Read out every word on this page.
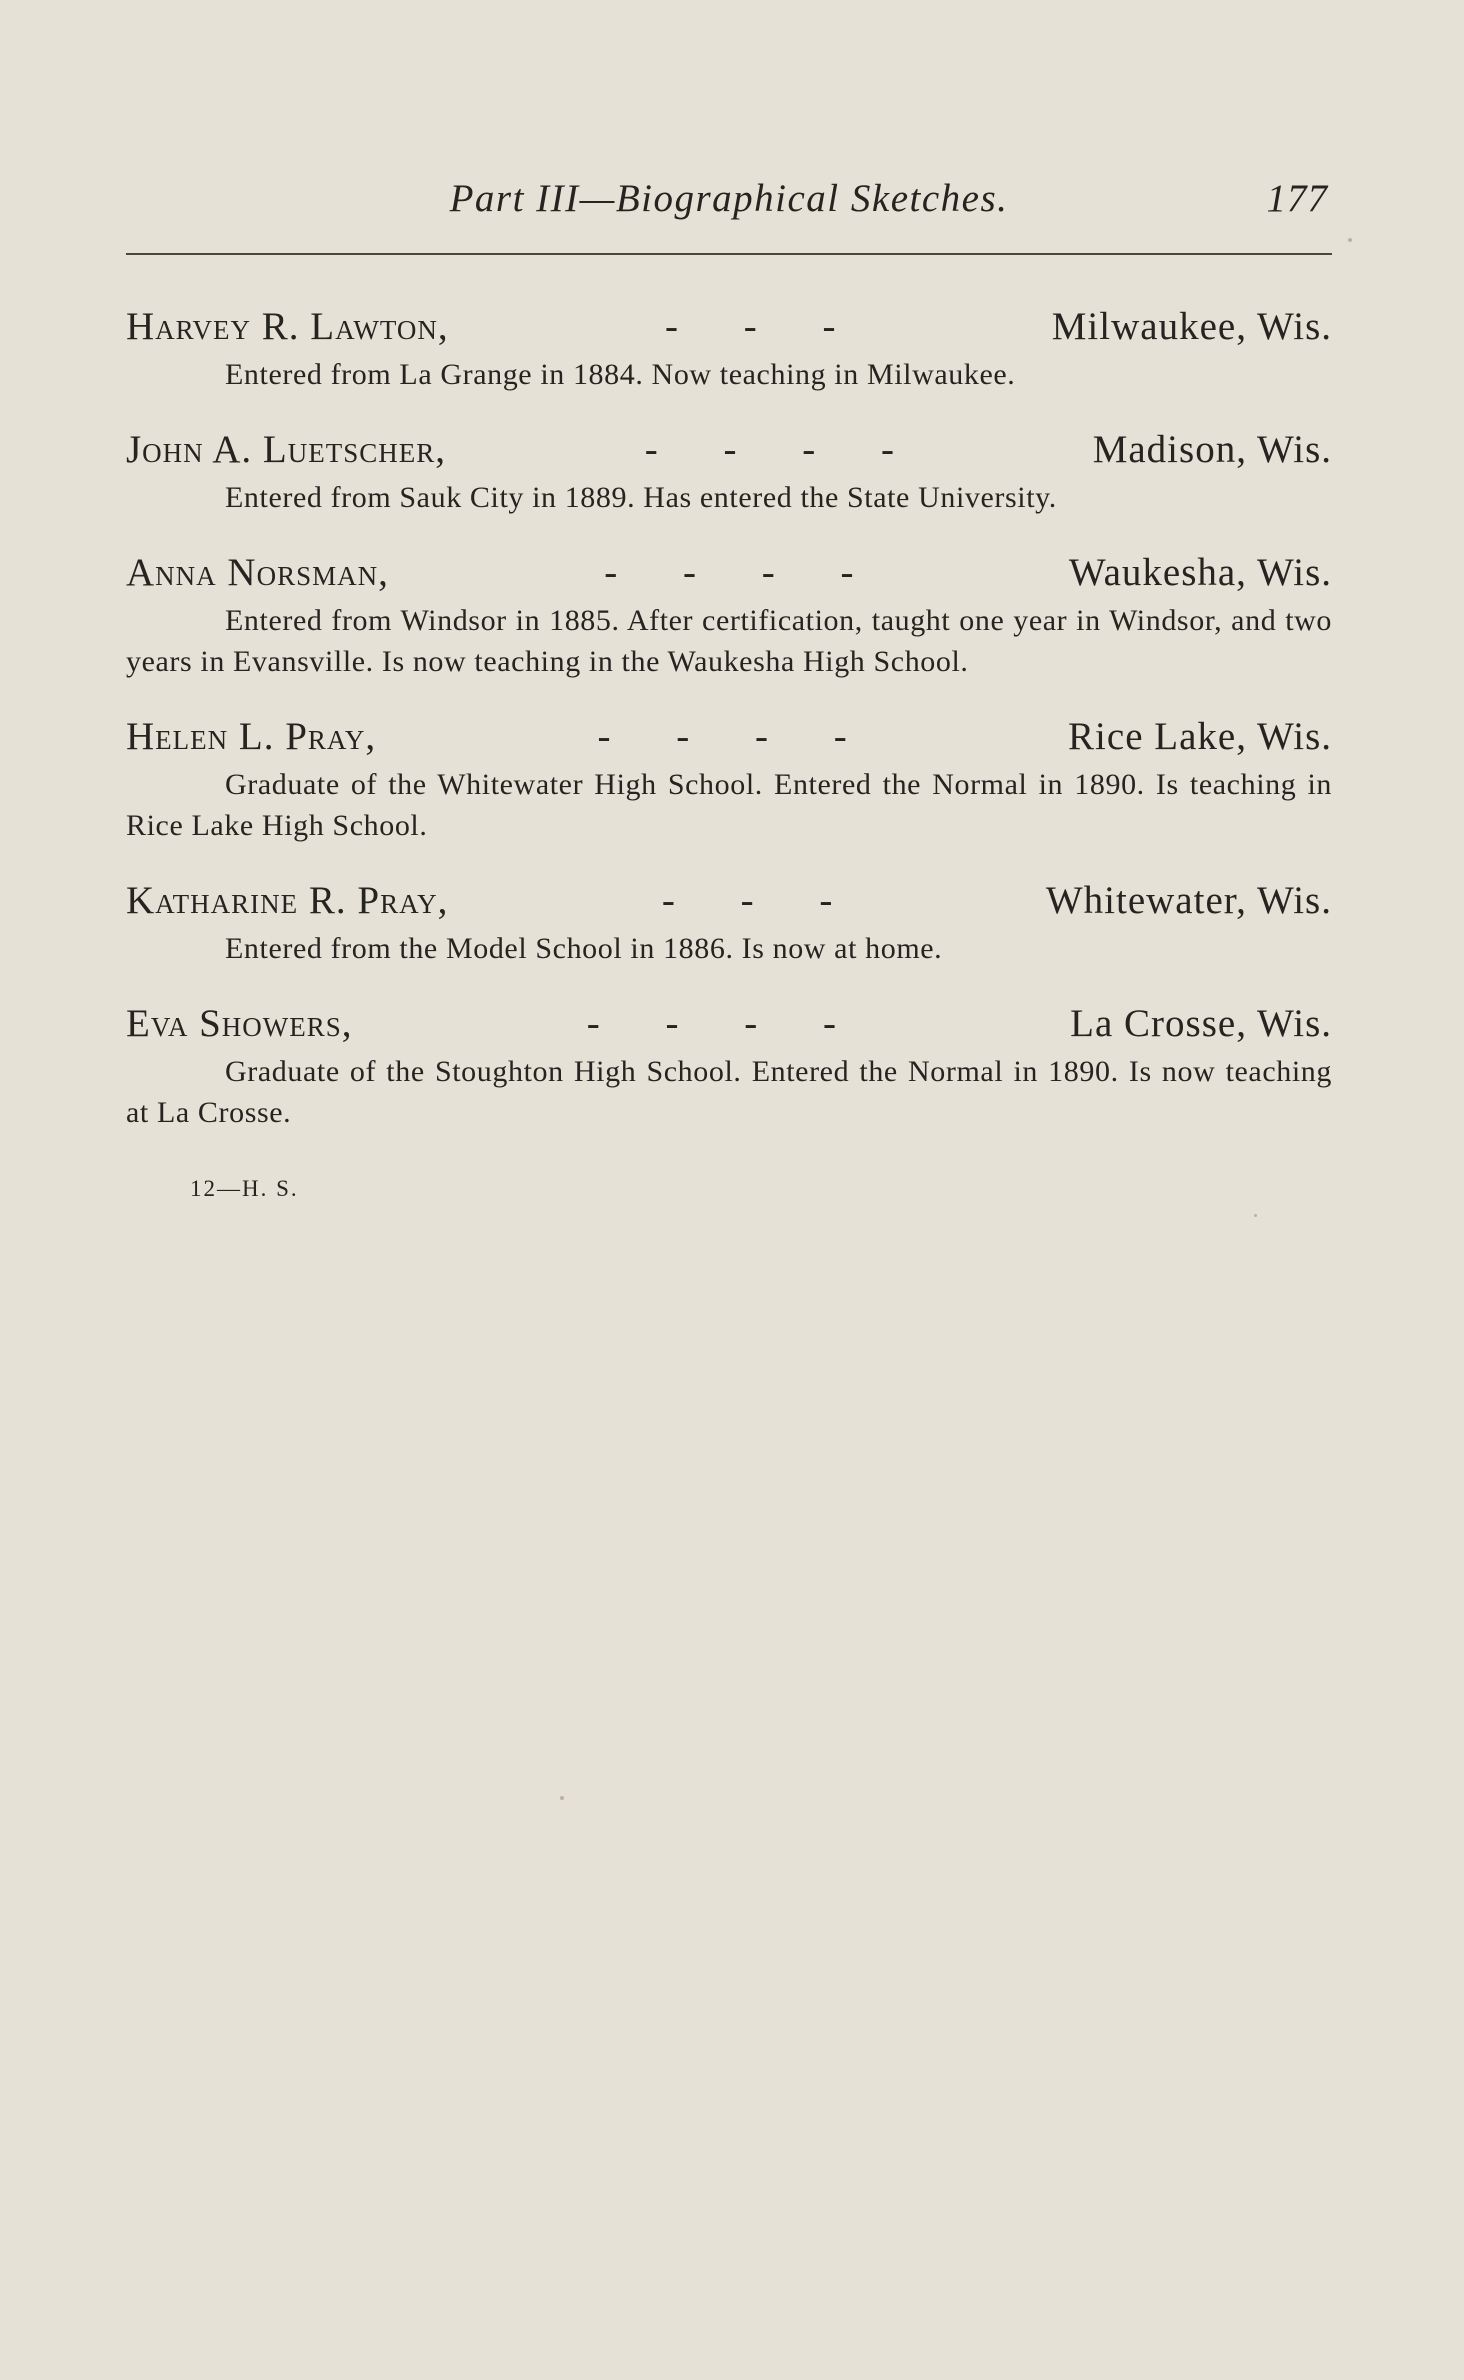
Part III—Biographical Sketches.	177
Harvey R. Lawton,	- - -	Milwaukee, Wis.
Entered from La Grange in 1884. Now teaching in Milwaukee.
John A. Luetscher,	- - - -	Madison, Wis.
Entered from Sauk City in 1889. Has entered the State University.
Anna Norsman,	- - - -	Waukesha, Wis.
Entered from Windsor in 1885. After certification, taught one year in Windsor, and two years in Evansville. Is now teaching in the Waukesha High School.
Helen L. Pray,	- - - -	Rice Lake, Wis.
Graduate of the Whitewater High School. Entered the Normal in 1890. Is teaching in Rice Lake High School.
Katharine R. Pray,	- - -	Whitewater, Wis.
Entered from the Model School in 1886. Is now at home.
Eva Showers,	- - - -	La Crosse, Wis.
Graduate of the Stoughton High School. Entered the Normal in 1890. Is now teaching at La Crosse.
12—H. S.
